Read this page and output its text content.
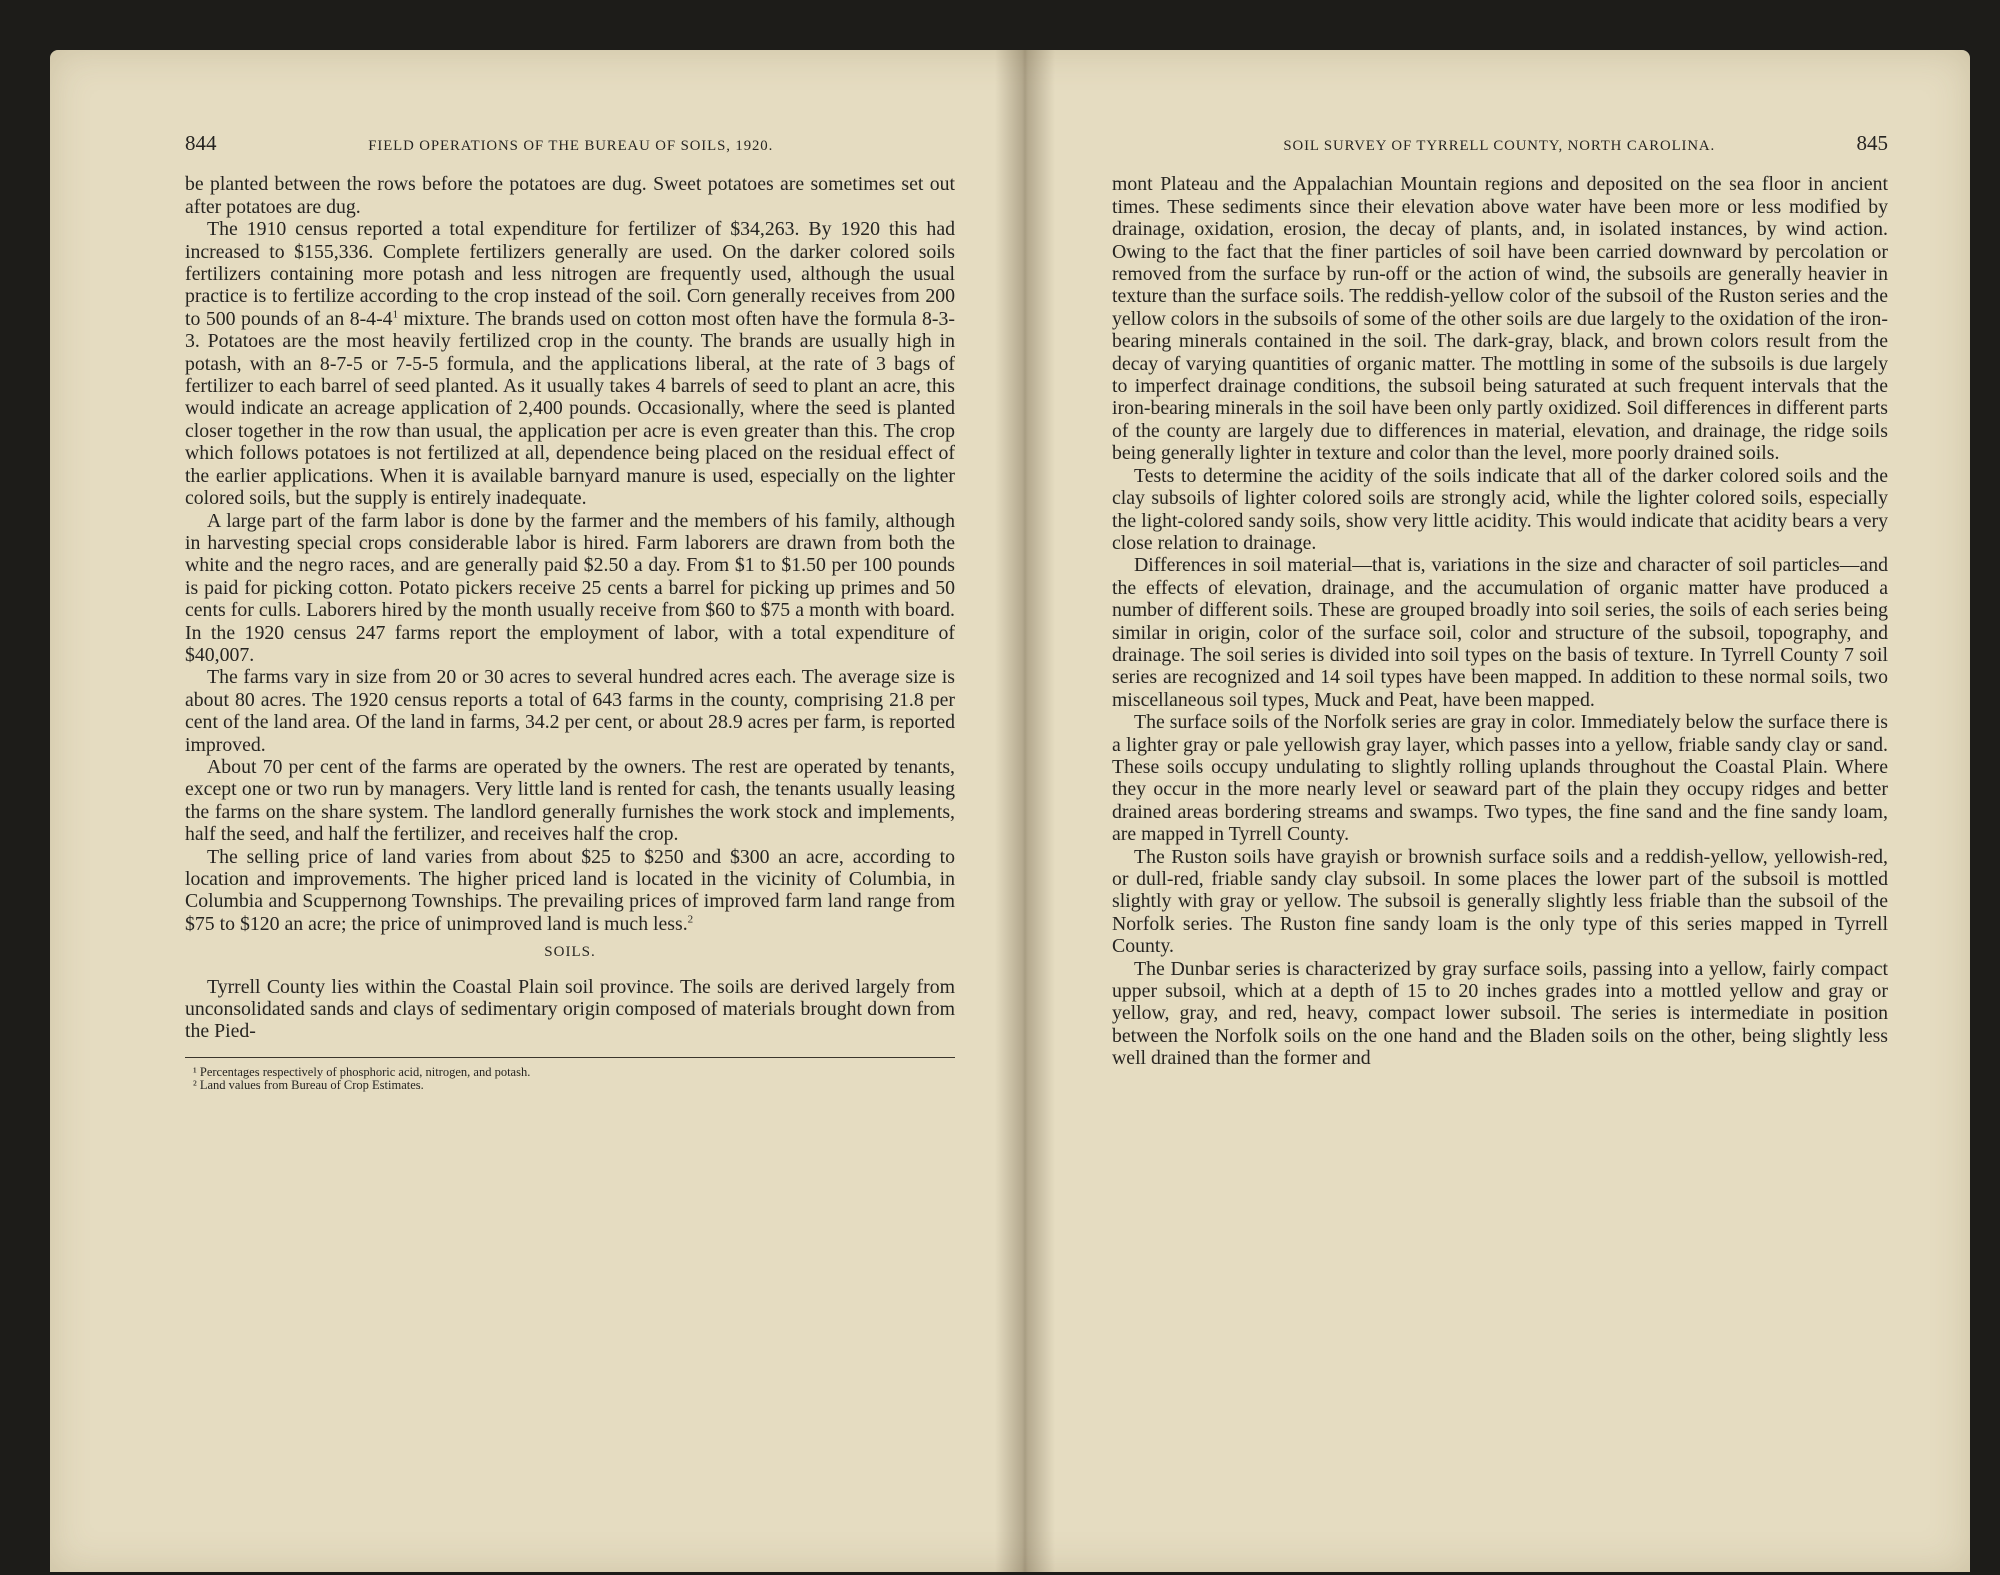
844	FIELD OPERATIONS OF THE BUREAU OF SOILS, 1920.

be planted between the rows before the potatoes are dug. Sweet potatoes are sometimes set out after potatoes are dug.

The 1910 census reported a total expenditure for fertilizer of $34,263. By 1920 this had increased to $155,336. Complete fertilizers generally are used. On the darker colored soils fertilizers containing more potash and less nitrogen are frequently used, although the usual practice is to fertilize according to the crop instead of the soil. Corn generally receives from 200 to 500 pounds of an $8-4-4^1$ mixture. The brands used on cotton most often have the formula 8-3-3. Potatoes are the most heavily fertilized crop in the county. The brands are usually high in potash, with an 8-7-5 or 7-5-5 formula, and the applications liberal, at the rate of 3 bags of fertilizer to each barrel of seed planted. As it usually takes 4 barrels of seed to plant an acre, this would indicate an acreage application of 2,400 pounds. Occasionally, where the seed is planted closer together in the row than usual, the application per acre is even greater than this. The crop which follows potatoes is not fertilized at all, dependence being placed on the residual effect of the earlier applications. When it is available barnyard manure is used, especially on the lighter colored soils, but the supply is entirely inadequate.

A large part of the farm labor is done by the farmer and the members of his family, although in harvesting special crops considerable labor is hired. Farm laborers are drawn from both the white and the negro races, and are generally paid $2.50 a day. From $1 to $1.50 per 100 pounds is paid for picking cotton. Potato pickers receive 25 cents a barrel for picking up primes and 50 cents for culls. Laborers hired by the month usually receive from $60 to $75 a month with board. In the 1920 census 247 farms report the employment of labor, with a total expenditure of $40,007.

The farms vary in size from 20 or 30 acres to several hundred acres each. The average size is about 80 acres. The 1920 census reports a total of 643 farms in the county, comprising 21.8 per cent of the land area. Of the land in farms, 34.2 per cent, or about 28.9 acres per farm, is reported improved.

About 70 per cent of the farms are operated by the owners. The rest are operated by tenants, except one or two run by managers. Very little land is rented for cash, the tenants usually leasing the farms on the share system. The landlord generally furnishes the work stock and implements, half the seed, and half the fertilizer, and receives half the crop.

The selling price of land varies from about $25 to $250 and $300 an acre, according to location and improvements. The higher priced land is located in the vicinity of Columbia, in Columbia and Scuppernong Townships. The prevailing prices of improved farm land range from $75 to $120 an acre; the price of unimproved land is much less.$^2$

SOILS.

Tyrrell County lies within the Coastal Plain soil province. The soils are derived largely from unconsolidated sands and clays of sedimentary origin composed of materials brought down from the Pied-

¹ Percentages respectively of phosphoric acid, nitrogen, and potash.

² Land values from Bureau of Crop Estimates.

SOIL SURVEY OF TYRRELL COUNTY, NORTH CAROLINA.	845

mont Plateau and the Appalachian Mountain regions and deposited on the sea floor in ancient times. These sediments since their elevation above water have been more or less modified by drainage, oxidation, erosion, the decay of plants, and, in isolated instances, by wind action. Owing to the fact that the finer particles of soil have been carried downward by percolation or removed from the surface by run-off or the action of wind, the subsoils are generally heavier in texture than the surface soils. The reddish-yellow color of the subsoil of the Ruston series and the yellow colors in the subsoils of some of the other soils are due largely to the oxidation of the iron-bearing minerals contained in the soil. The dark-gray, black, and brown colors result from the decay of varying quantities of organic matter. The mottling in some of the subsoils is due largely to imperfect drainage conditions, the subsoil being saturated at such frequent intervals that the iron-bearing minerals in the soil have been only partly oxidized. Soil differences in different parts of the county are largely due to differences in material, elevation, and drainage, the ridge soils being generally lighter in texture and color than the level, more poorly drained soils.

Tests to determine the acidity of the soils indicate that all of the darker colored soils and the clay subsoils of lighter colored soils are strongly acid, while the lighter colored soils, especially the light-colored sandy soils, show very little acidity. This would indicate that acidity bears a very close relation to drainage.

Differences in soil material—that is, variations in the size and character of soil particles—and the effects of elevation, drainage, and the accumulation of organic matter have produced a number of different soils. These are grouped broadly into soil series, the soils of each series being similar in origin, color of the surface soil, color and structure of the subsoil, topography, and drainage. The soil series is divided into soil types on the basis of texture. In Tyrrell County 7 soil series are recognized and 14 soil types have been mapped. In addition to these normal soils, two miscellaneous soil types, Muck and Peat, have been mapped.

The surface soils of the Norfolk series are gray in color. Immediately below the surface there is a lighter gray or pale yellowish gray layer, which passes into a yellow, friable sandy clay or sand. These soils occupy undulating to slightly rolling uplands throughout the Coastal Plain. Where they occur in the more nearly level or seaward part of the plain they occupy ridges and better drained areas bordering streams and swamps. Two types, the fine sand and the fine sandy loam, are mapped in Tyrrell County.

The Ruston soils have grayish or brownish surface soils and a reddish-yellow, yellowish-red, or dull-red, friable sandy clay subsoil. In some places the lower part of the subsoil is mottled slightly with gray or yellow. The subsoil is generally slightly less friable than the subsoil of the Norfolk series. The Ruston fine sandy loam is the only type of this series mapped in Tyrrell County.

The Dunbar series is characterized by gray surface soils, passing into a yellow, fairly compact upper subsoil, which at a depth of 15 to 20 inches grades into a mottled yellow and gray or yellow, gray, and red, heavy, compact lower subsoil. The series is intermediate in position between the Norfolk soils on the one hand and the Bladen soils on the other, being slightly less well drained than the former and
